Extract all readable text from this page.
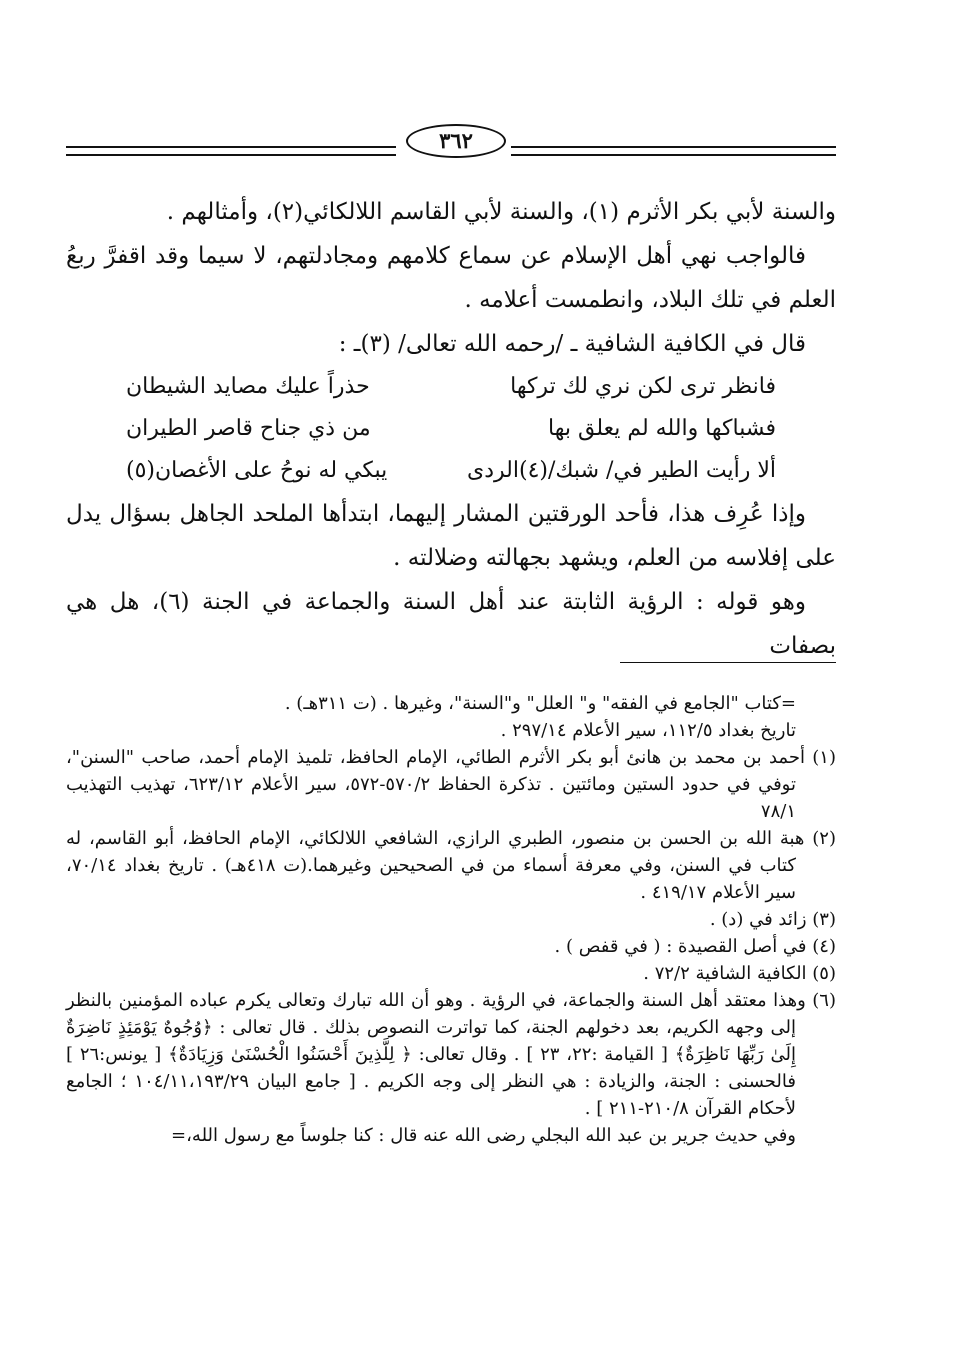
٣٦٢

والسنة لأبي بكر الأثرم (١)، والسنة لأبي القاسم اللالكائي(٢)، وأمثالهم .

فالواجب نهي أهل الإسلام عن سماع كلامهم ومجادلتهم، لا سيما وقد اقفرَّ ربعُ العلم في تلك البلاد، وانطمست أعلامه .

قال في الكافية الشافية ـ /رحمه الله تعالى/ (٣)ـ :

فانظر ترى لكن نري لك تركها
حذراً عليك مصايد الشيطان
فشباكها والله لم يعلق بها
من ذي جناح قاصر الطيران
ألا رأيت الطير في/ شبك/(٤)الردى
يبكي له نوحُ على الأغصان(٥)

وإذا عُرِف هذا، فأحد الورقتين المشار إليهما، ابتدأها الملحد الجاهل بسؤال يدل على إفلاسه من العلم، ويشهد بجهالته وضلالته .

وهو قوله : الرؤية الثابتة عند أهل السنة والجماعة في الجنة (٦)، هل هي بصفات

=كتاب "الجامع في الفقه" و" العلل" و"السنة"، وغيرها . (ت ٣١١هـ) .

تاريخ بغداد ١١٢/٥، سير الأعلام ٢٩٧/١٤ .

(١) أحمد بن محمد بن هانئ أبو بكر الأثرم الطائي، الإمام الحافظ، تلميذ الإمام أحمد، صاحب "السنن"، توفي في حدود الستين ومائتين . تذكرة الحفاظ ٥٧٠/٢-٥٧٢، سير الأعلام ٦٢٣/١٢، تهذيب التهذيب ٧٨/١

(٢) هبة الله بن الحسن بن منصور، الطبري الرازي، الشافعي اللالكائي، الإمام الحافظ، أبو القاسم، له كتاب في السنن، وفي معرفة أسماء من في الصحيحين وغيرهما.(ت ٤١٨هـ) . تاريخ بغداد ٧٠/١٤، سير الأعلام ٤١٩/١٧ .

(٣) زائد في (د) .

(٤) في أصل القصيدة : ( في قفص ) .

(٥) الكافية الشافية ٧٢/٢ .

(٦) وهذا معتقد أهل السنة والجماعة، في الرؤية . وهو أن الله تبارك وتعالى يكرم عباده المؤمنين بالنظر إلى وجهه الكريم، بعد دخولهم الجنة، كما تواترت النصوص بذلك . قال تعالى : ﴿وُجُوهٌ يَوْمَئِذٍ نَاضِرَةٌ إِلَىٰ رَبِّهَا نَاظِرَةٌ﴾ [ القيامة :٢٢، ٢٣ ] . وقال تعالى: ﴿ لِلَّذِينَ أَحْسَنُوا الْحُسْنَىٰ وَزِيَادَةٌ﴾ [ يونس:٢٦ ] فالحسنى : الجنة، والزيادة : هي النظر إلى وجه الكريم . [ جامع البيان ١٠٤/١١،١٩٣/٢٩ ؛ الجامع لأحكام القرآن ٢١٠/٨-٢١١ ] .

وفي حديث جرير بن عبد الله البجلي رضى الله عنه قال : كنا جلوساً مع رسول الله،=
